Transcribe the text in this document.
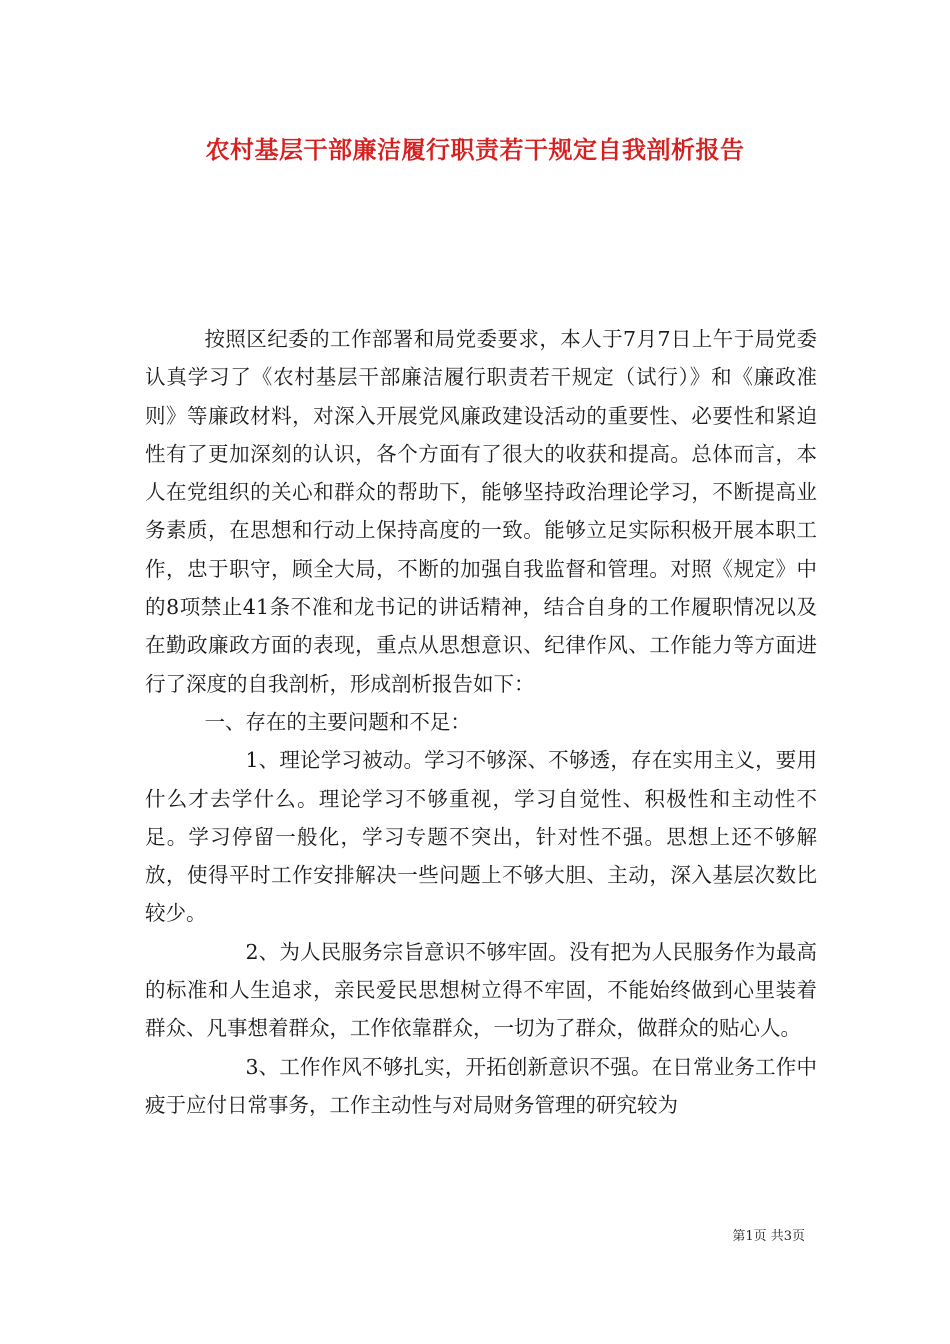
农村基层干部廉洁履行职责若干规定自我剖析报告

按照区纪委的工作部署和局党委要求，本人于7月7日上午于局党委认真学习了《农村基层干部廉洁履行职责若干规定（试行）》和《廉政准则》等廉政材料，对深入开展党风廉政建设活动的重要性、必要性和紧迫性有了更加深刻的认识，各个方面有了很大的收获和提高。总体而言，本人在党组织的关心和群众的帮助下，能够坚持政治理论学习，不断提高业务素质，在思想和行动上保持高度的一致。能够立足实际积极开展本职工作，忠于职守，顾全大局，不断的加强自我监督和管理。对照《规定》中的8项禁止41条不准和龙书记的讲话精神，结合自身的工作履职情况以及在勤政廉政方面的表现，重点从思想意识、纪律作风、工作能力等方面进行了深度的自我剖析，形成剖析报告如下：

一、存在的主要问题和不足：

1、理论学习被动。学习不够深、不够透，存在实用主义，要用什么才去学什么。理论学习不够重视，学习自觉性、积极性和主动性不足。学习停留一般化，学习专题不突出，针对性不强。思想上还不够解放，使得平时工作安排解决一些问题上不够大胆、主动，深入基层次数比较少。

2、为人民服务宗旨意识不够牢固。没有把为人民服务作为最高的标准和人生追求，亲民爱民思想树立得不牢固，不能始终做到心里装着群众、凡事想着群众，工作依靠群众，一切为了群众，做群众的贴心人。

3、工作作风不够扎实，开拓创新意识不强。在日常业务工作中疲于应付日常事务，工作主动性与对局财务管理的研究较为

第1页 共3页
